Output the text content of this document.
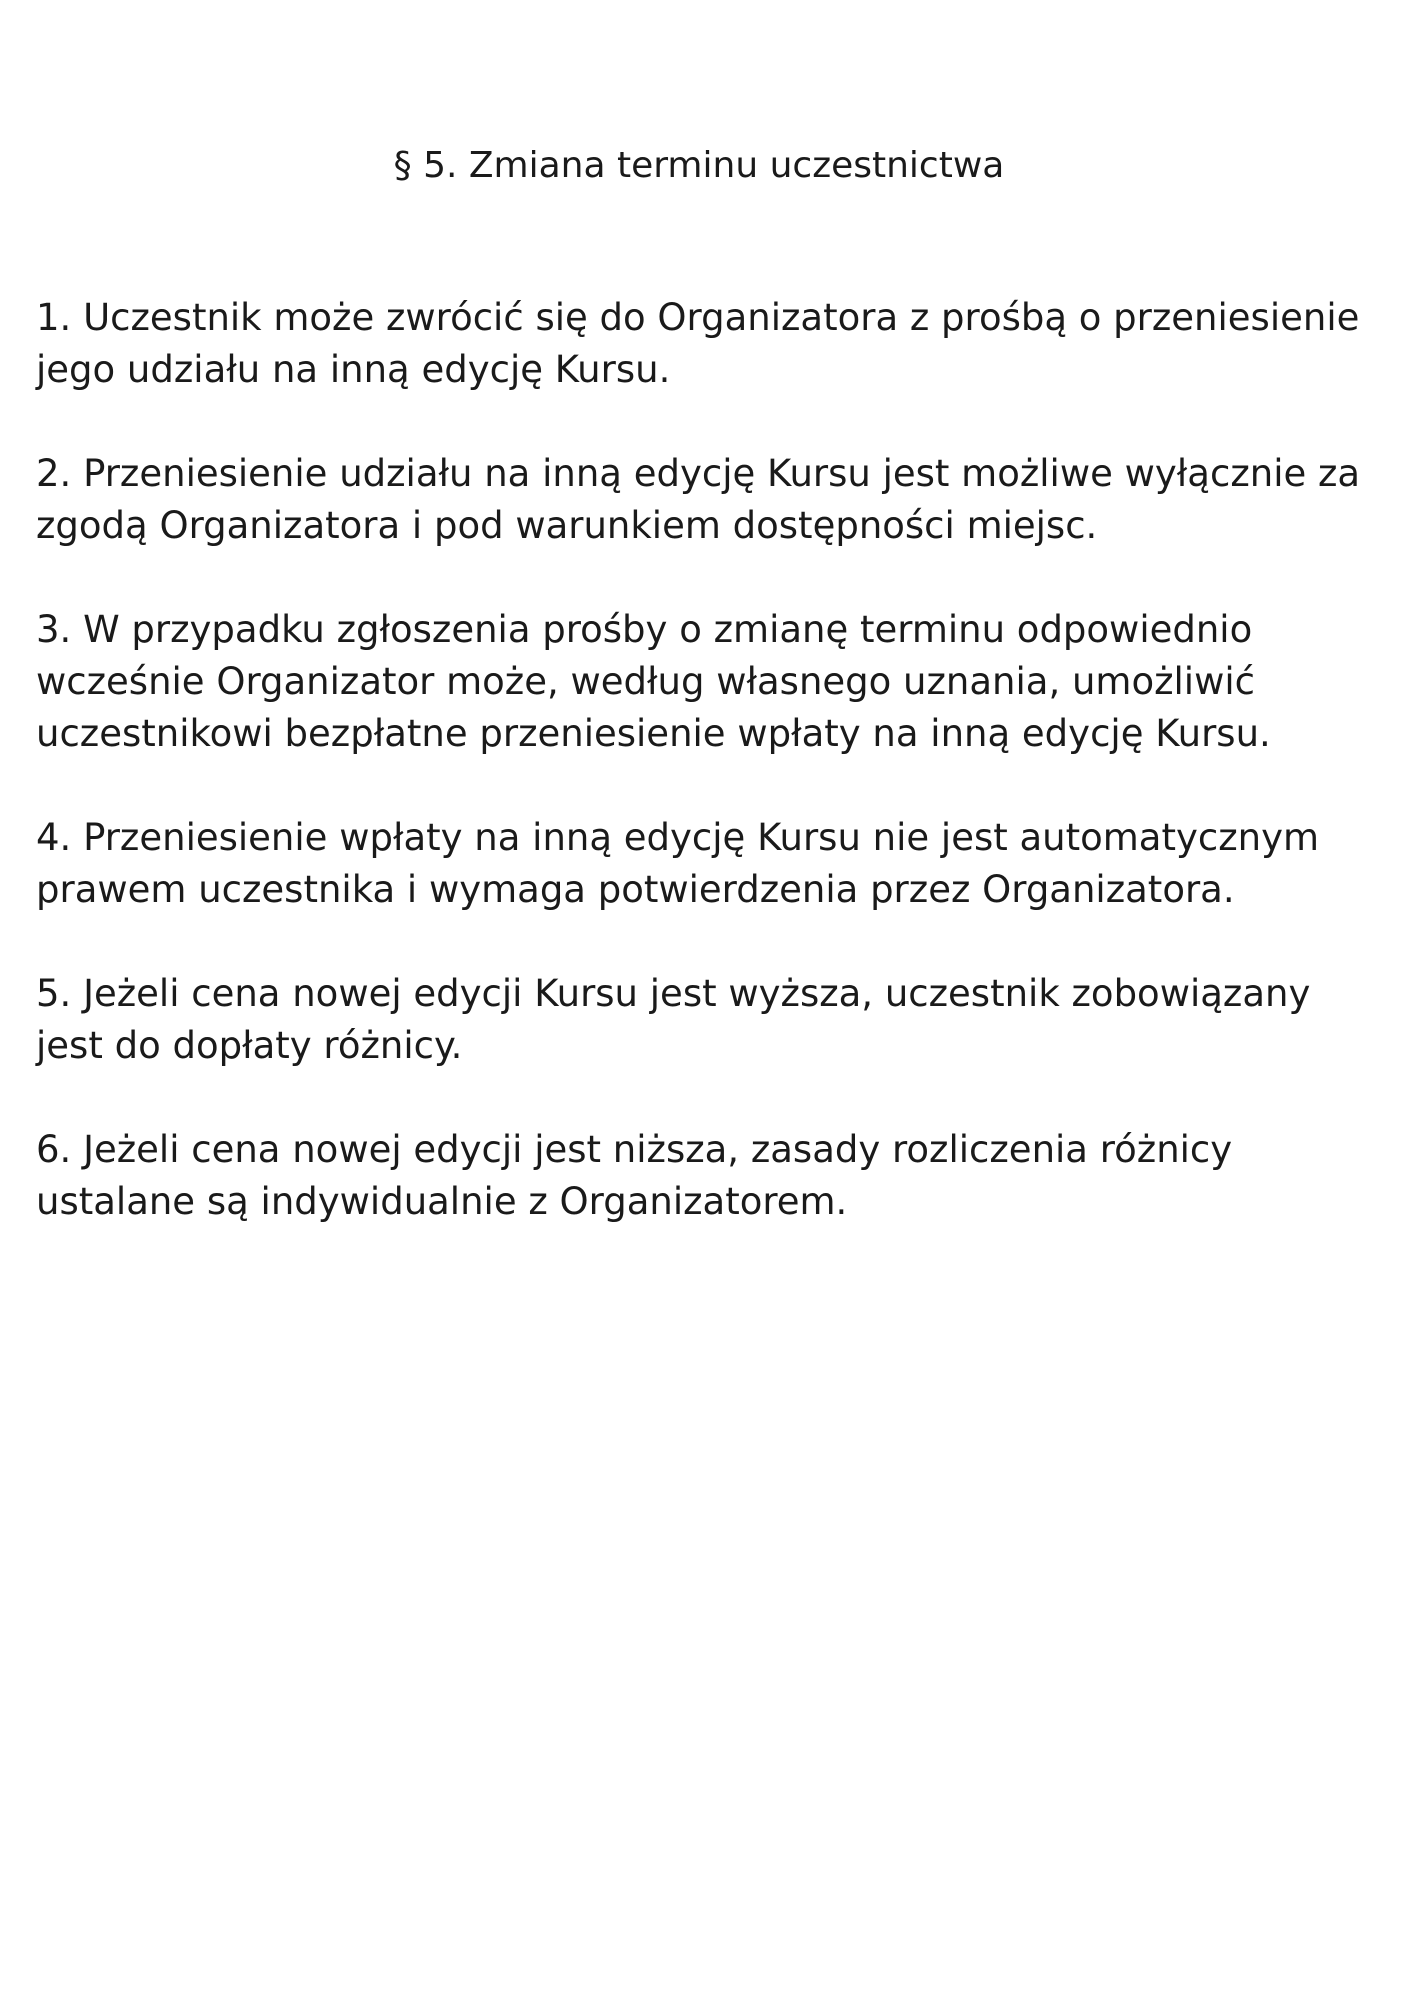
§ 5. Zmiana terminu uczestnictwa
1. Uczestnik może zwrócić się do Organizatora z prośbą o przeniesienie jego udziału na inną edycję Kursu.
2. Przeniesienie udziału na inną edycję Kursu jest możliwe wyłącznie za zgodą Organizatora i pod warunkiem dostępności miejsc.
3. W przypadku zgłoszenia prośby o zmianę terminu odpowiednio wcześnie Organizator może, według własnego uznania, umożliwić uczestnikowi bezpłatne przeniesienie wpłaty na inną edycję Kursu.
4. Przeniesienie wpłaty na inną edycję Kursu nie jest automatycznym prawem uczestnika i wymaga potwierdzenia przez Organizatora.
5. Jeżeli cena nowej edycji Kursu jest wyższa, uczestnik zobowiązany jest do dopłaty różnicy.
6. Jeżeli cena nowej edycji jest niższa, zasady rozliczenia różnicy ustalane są indywidualnie z Organizatorem.
